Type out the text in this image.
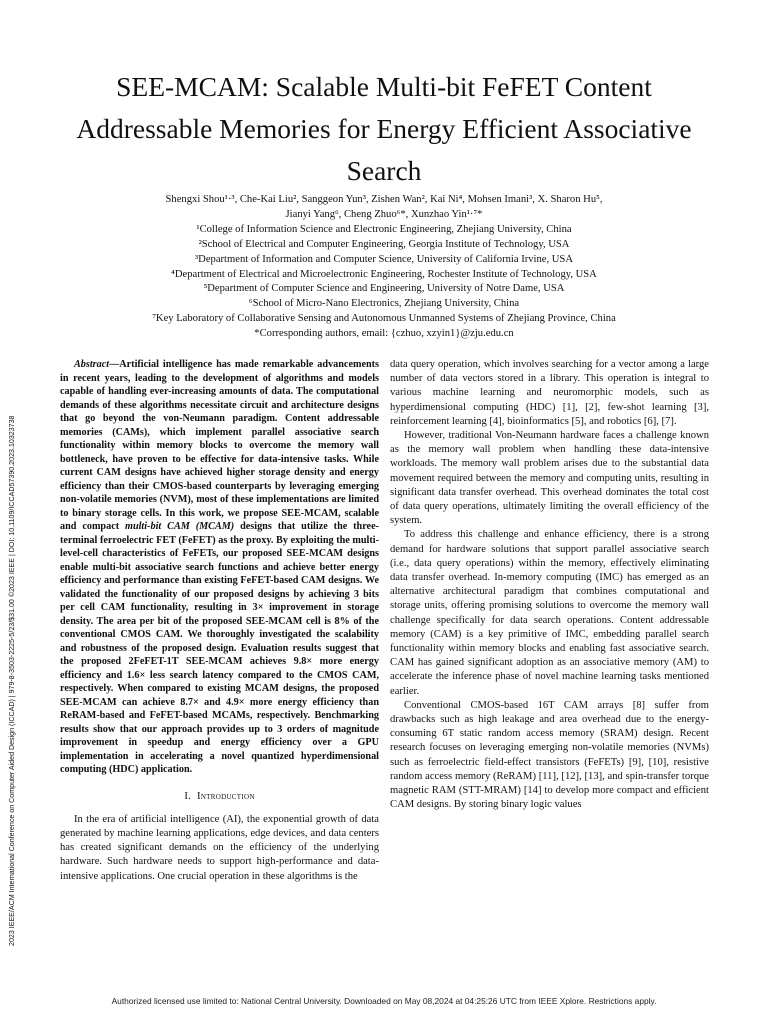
2023 IEEE/ACM International Conference on Computer Aided Design (ICCAD) | 979-8-3503-2225-5/23/$31.00 ©2023 IEEE | DOI: 10.1109/ICCAD57390.2023.10323738
SEE-MCAM: Scalable Multi-bit FeFET Content Addressable Memories for Energy Efficient Associative Search
Shengxi Shou¹·³, Che-Kai Liu², Sanggeon Yun³, Zishen Wan², Kai Ni⁴, Mohsen Imani³, X. Sharon Hu⁵,
Jianyi Yang⁶, Cheng Zhuo⁶*, Xunzhao Yin¹·⁷*
¹College of Information Science and Electronic Engineering, Zhejiang University, China
²School of Electrical and Computer Engineering, Georgia Institute of Technology, USA
³Department of Information and Computer Science, University of California Irvine, USA
⁴Department of Electrical and Microelectronic Engineering, Rochester Institute of Technology, USA
⁵Department of Computer Science and Engineering, University of Notre Dame, USA
⁶School of Micro-Nano Electronics, Zhejiang University, China
⁷Key Laboratory of Collaborative Sensing and Autonomous Unmanned Systems of Zhejiang Province, China
*Corresponding authors, email: {czhuo, xzyin1}@zju.edu.cn

Abstract—Artificial intelligence has made remarkable advancements in recent years, leading to the development of algorithms and models capable of handling ever-increasing amounts of data. The computational demands of these algorithms necessitate circuit and architecture designs that go beyond the von-Neumann paradigm. Content addressable memories (CAMs), which implement parallel associative search functionality within memory blocks to overcome the memory wall bottleneck, have proven to be effective for data-intensive tasks. While current CAM designs have achieved higher storage density and energy efficiency than their CMOS-based counterparts by leveraging emerging non-volatile memories (NVM), most of these implementations are limited to binary storage cells. In this work, we propose SEE-MCAM, scalable and compact multi-bit CAM (MCAM) designs that utilize the three-terminal ferroelectric FET (FeFET) as the proxy. By exploiting the multi-level-cell characteristics of FeFETs, our proposed SEE-MCAM designs enable multi-bit associative search functions and achieve better energy efficiency and performance than existing FeFET-based CAM designs. We validated the functionality of our proposed designs by achieving 3 bits per cell CAM functionality, resulting in 3× improvement in storage density. The area per bit of the proposed SEE-MCAM cell is 8% of the conventional CMOS CAM. We thoroughly investigated the scalability and robustness of the proposed design. Evaluation results suggest that the proposed 2FeFET-1T SEE-MCAM achieves 9.8× more energy efficiency and 1.6× less search latency compared to the CMOS CAM, respectively. When compared to existing MCAM designs, the proposed SEE-MCAM can achieve 8.7× and 4.9× more energy efficiency than ReRAM-based and FeFET-based MCAMs, respectively. Benchmarking results show that our approach provides up to 3 orders of magnitude improvement in speedup and energy efficiency over a GPU implementation in accelerating a novel quantized hyperdimensional computing (HDC) application.

I. Introduction

In the era of artificial intelligence (AI), the exponential growth of data generated by machine learning applications, edge devices, and data centers has created significant demands on the efficiency of the underlying hardware. Such hardware needs to support high-performance and data-intensive applications. One crucial operation in these algorithms is the

data query operation, which involves searching for a vector among a large number of data vectors stored in a library. This operation is integral to various machine learning and neuromorphic models, such as hyperdimensional computing (HDC) [1], [2], few-shot learning [3], reinforcement learning [4], bioinformatics [5], and robotics [6], [7].

However, traditional Von-Neumann hardware faces a challenge known as the memory wall problem when handling these data-intensive workloads. The memory wall problem arises due to the substantial data movement required between the memory and computing units, resulting in significant data transfer overhead. This overhead dominates the total cost of data query operations, ultimately limiting the overall efficiency of the system.

To address this challenge and enhance efficiency, there is a strong demand for hardware solutions that support parallel associative search (i.e., data query operations) within the memory, effectively eliminating data transfer overhead. In-memory computing (IMC) has emerged as an alternative architectural paradigm that combines computational and storage units, offering promising solutions to overcome the memory wall challenge specifically for data search operations. Content addressable memory (CAM) is a key primitive of IMC, embedding parallel search functionality within memory blocks and enabling fast associative search. CAM has gained significant adoption as an associative memory (AM) to accelerate the inference phase of novel machine learning tasks mentioned earlier.

Conventional CMOS-based 16T CAM arrays [8] suffer from drawbacks such as high leakage and area overhead due to the energy-consuming 6T static random access memory (SRAM) design. Recent research focuses on leveraging emerging non-volatile memories (NVMs) such as ferroelectric field-effect transistors (FeFETs) [9], [10], resistive random access memory (ReRAM) [11], [12], [13], and spin-transfer torque magnetic RAM (STT-MRAM) [14] to develop more compact and efficient CAM designs. By storing binary logic values

Authorized licensed use limited to: National Central University. Downloaded on May 08,2024 at 04:25:26 UTC from IEEE Xplore. Restrictions apply.
